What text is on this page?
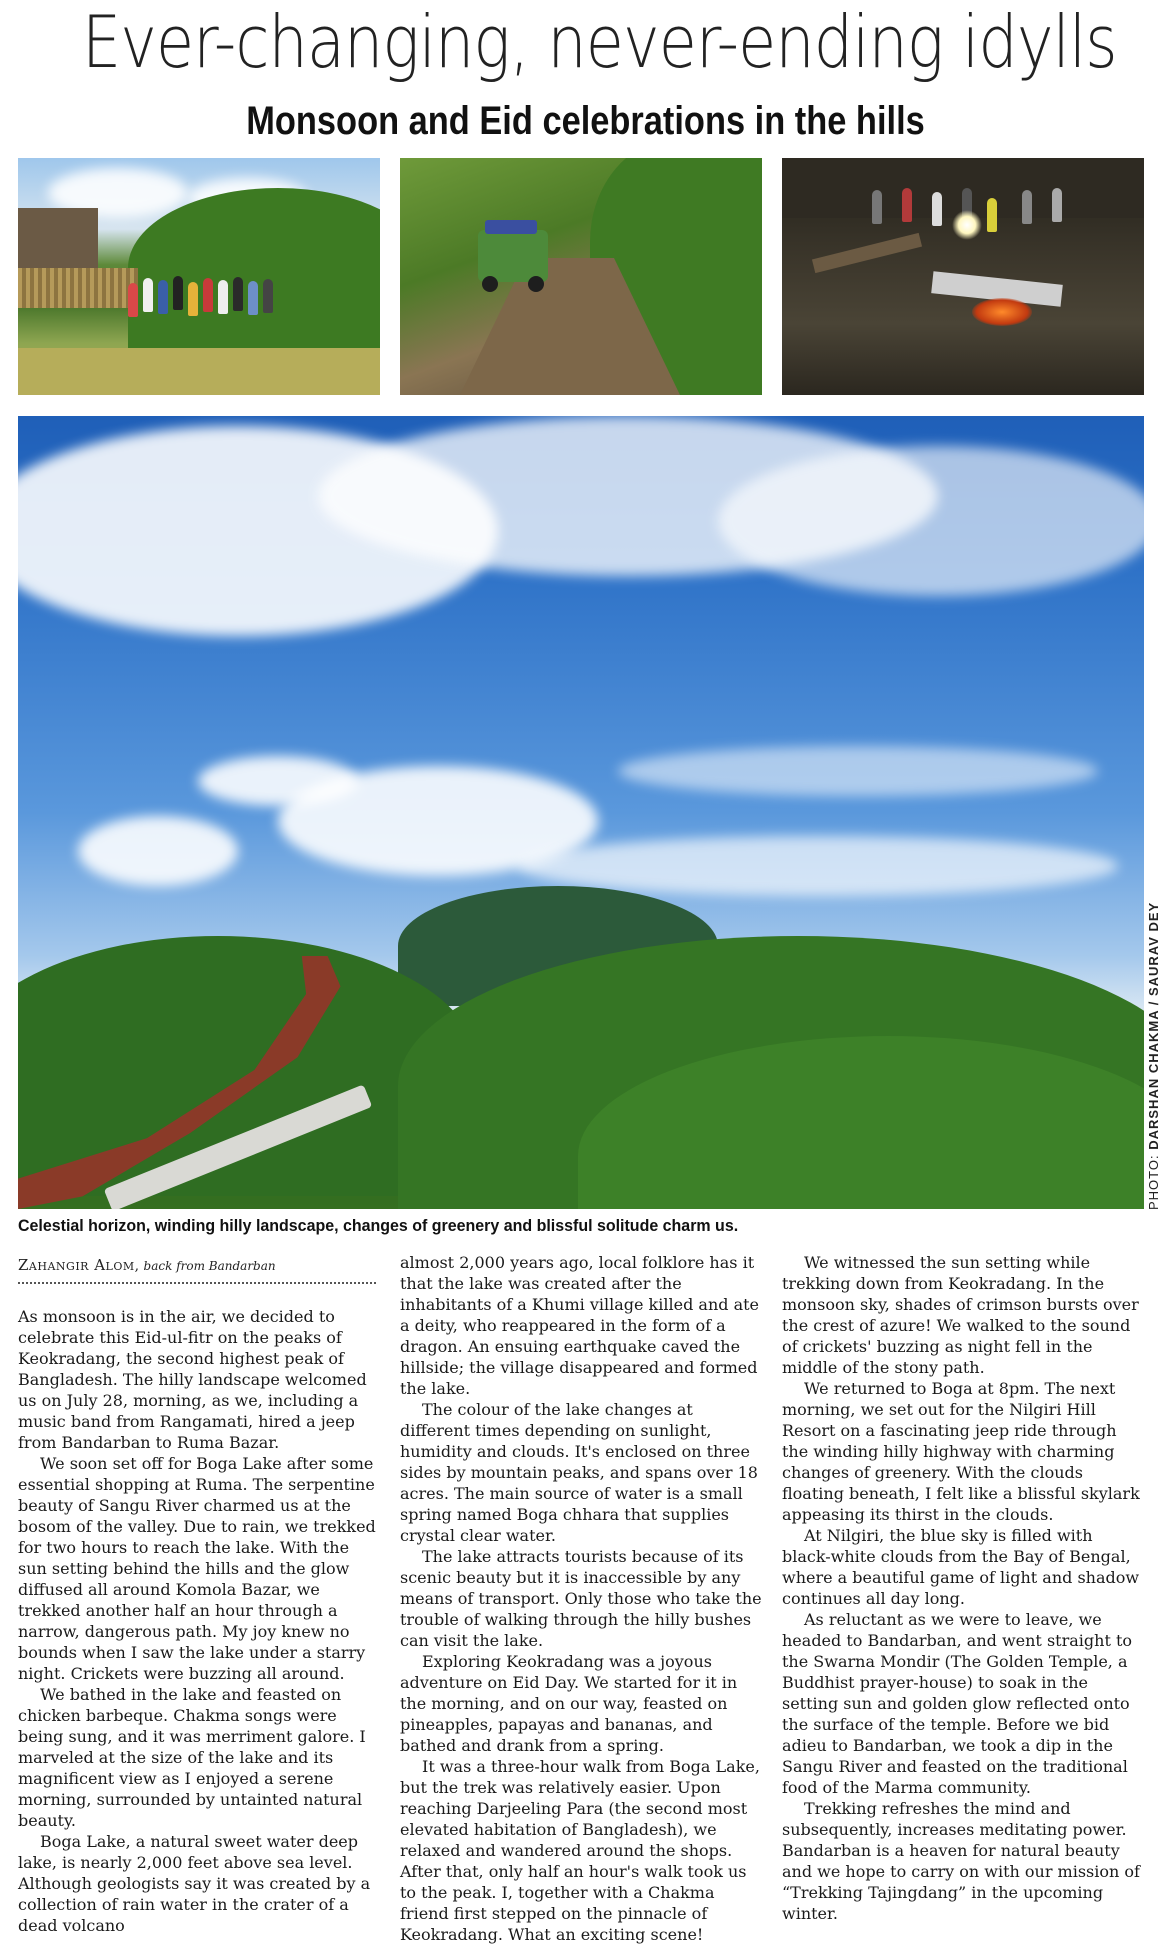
Ever-changing, never-ending idylls
Monsoon and Eid celebrations in the hills
PHOTO: DARSHAN CHAKMA / SAURAV DEY
Celestial horizon, winding hilly landscape, changes of greenery and blissful solitude charm us.
Zahangir Alom, back from Bandarban

As monsoon is in the air, we decided to celebrate this Eid-ul-fitr on the peaks of Keokradang, the second highest peak of Bangladesh. The hilly landscape welcomed us on July 28, morning, as we, including a music band from Rangamati, hired a jeep from Bandarban to Ruma Bazar.

We soon set off for Boga Lake after some essential shopping at Ruma. The serpentine beauty of Sangu River charmed us at the bosom of the valley. Due to rain, we trekked for two hours to reach the lake. With the sun setting behind the hills and the glow diffused all around Komola Bazar, we trekked another half an hour through a narrow, dangerous path. My joy knew no bounds when I saw the lake under a starry night. Crickets were buzzing all around.

We bathed in the lake and feasted on chicken barbeque. Chakma songs were being sung, and it was merriment galore. I marveled at the size of the lake and its magnificent view as I enjoyed a serene morning, surrounded by untainted natural beauty.

Boga Lake, a natural sweet water deep lake, is nearly 2,000 feet above sea level. Although geologists say it was created by a collection of rain water in the crater of a dead volcano

almost 2,000 years ago, local folklore has it that the lake was created after the inhabitants of a Khumi village killed and ate a deity, who reappeared in the form of a dragon. An ensuing earthquake caved the hillside; the village disappeared and formed the lake.

The colour of the lake changes at different times depending on sunlight, humidity and clouds. It's enclosed on three sides by mountain peaks, and spans over 18 acres. The main source of water is a small spring named Boga chhara that supplies crystal clear water.

The lake attracts tourists because of its scenic beauty but it is inaccessible by any means of transport. Only those who take the trouble of walking through the hilly bushes can visit the lake.

Exploring Keokradang was a joyous adventure on Eid Day. We started for it in the morning, and on our way, feasted on pineapples, papayas and bananas, and bathed and drank from a spring.

It was a three-hour walk from Boga Lake, but the trek was relatively easier. Upon reaching Darjeeling Para (the second most elevated habitation of Bangladesh), we relaxed and wandered around the shops. After that, only half an hour's walk took us to the peak. I, together with a Chakma friend first stepped on the pinnacle of Keokradang. What an exciting scene!

We witnessed the sun setting while trekking down from Keokradang. In the monsoon sky, shades of crimson bursts over the crest of azure! We walked to the sound of crickets' buzzing as night fell in the middle of the stony path.

We returned to Boga at 8pm. The next morning, we set out for the Nilgiri Hill Resort on a fascinating jeep ride through the winding hilly highway with charming changes of greenery. With the clouds floating beneath, I felt like a blissful skylark appeasing its thirst in the clouds.

At Nilgiri, the blue sky is filled with black-white clouds from the Bay of Bengal, where a beautiful game of light and shadow continues all day long.

As reluctant as we were to leave, we headed to Bandarban, and went straight to the Swarna Mondir (The Golden Temple, a Buddhist prayer-house) to soak in the setting sun and golden glow reflected onto the surface of the temple. Before we bid adieu to Bandarban, we took a dip in the Sangu River and feasted on the traditional food of the Marma community.

Trekking refreshes the mind and subsequently, increases meditating power. Bandarban is a heaven for natural beauty and we hope to carry on with our mission of “Trekking Tajingdang” in the upcoming winter.
